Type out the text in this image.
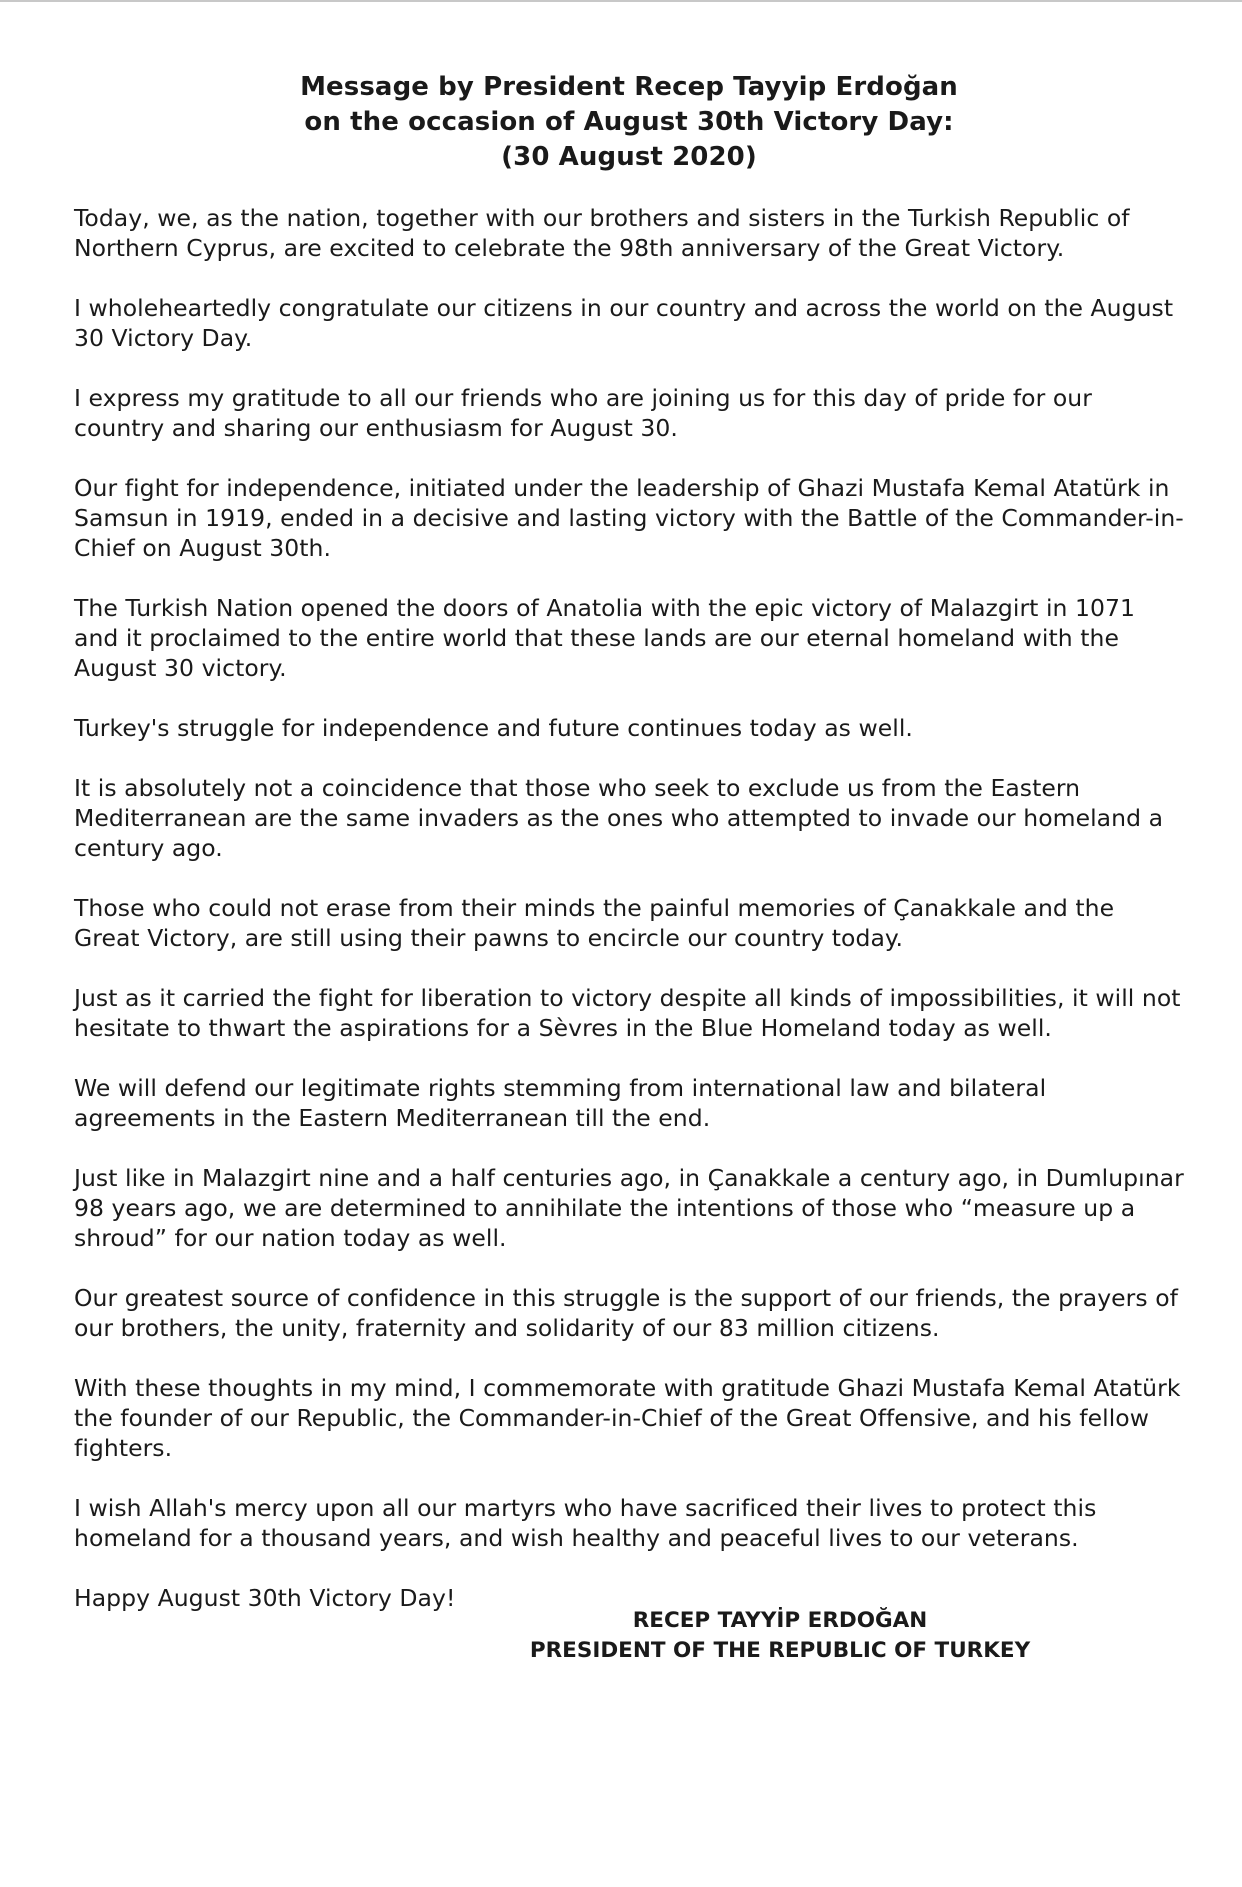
Message by President Recep Tayyip Erdoğan
on the occasion of August 30th Victory Day:
(30 August 2020)

Today, we, as the nation, together with our brothers and sisters in the Turkish Republic of Northern Cyprus, are excited to celebrate the 98th anniversary of the Great Victory.

I wholeheartedly congratulate our citizens in our country and across the world on the August 30 Victory Day.

I express my gratitude to all our friends who are joining us for this day of pride for our country and sharing our enthusiasm for August 30.

Our fight for independence, initiated under the leadership of Ghazi Mustafa Kemal Atatürk in Samsun in 1919, ended in a decisive and lasting victory with the Battle of the Commander-in-Chief on August 30th.

The Turkish Nation opened the doors of Anatolia with the epic victory of Malazgirt in 1071 and it proclaimed to the entire world that these lands are our eternal homeland with the August 30 victory.

Turkey's struggle for independence and future continues today as well.

It is absolutely not a coincidence that those who seek to exclude us from the Eastern Mediterranean are the same invaders as the ones who attempted to invade our homeland a century ago.

Those who could not erase from their minds the painful memories of Çanakkale and the Great Victory, are still using their pawns to encircle our country today.

Just as it carried the fight for liberation to victory despite all kinds of impossibilities, it will not hesitate to thwart the aspirations for a Sèvres in the Blue Homeland today as well.

We will defend our legitimate rights stemming from international law and bilateral agreements in the Eastern Mediterranean till the end.

Just like in Malazgirt nine and a half centuries ago, in Çanakkale a century ago, in Dumlupınar 98 years ago, we are determined to annihilate the intentions of those who “measure up a shroud” for our nation today as well.

Our greatest source of confidence in this struggle is the support of our friends, the prayers of our brothers, the unity, fraternity and solidarity of our 83 million citizens.

With these thoughts in my mind, I commemorate with gratitude Ghazi Mustafa Kemal Atatürk the founder of our Republic, the Commander-in-Chief of the Great Offensive, and his fellow fighters.

I wish Allah's mercy upon all our martyrs who have sacrificed their lives to protect this homeland for a thousand years, and wish healthy and peaceful lives to our veterans.

Happy August 30th Victory Day!

RECEP TAYYİP ERDOĞAN
PRESIDENT OF THE REPUBLIC OF TURKEY
